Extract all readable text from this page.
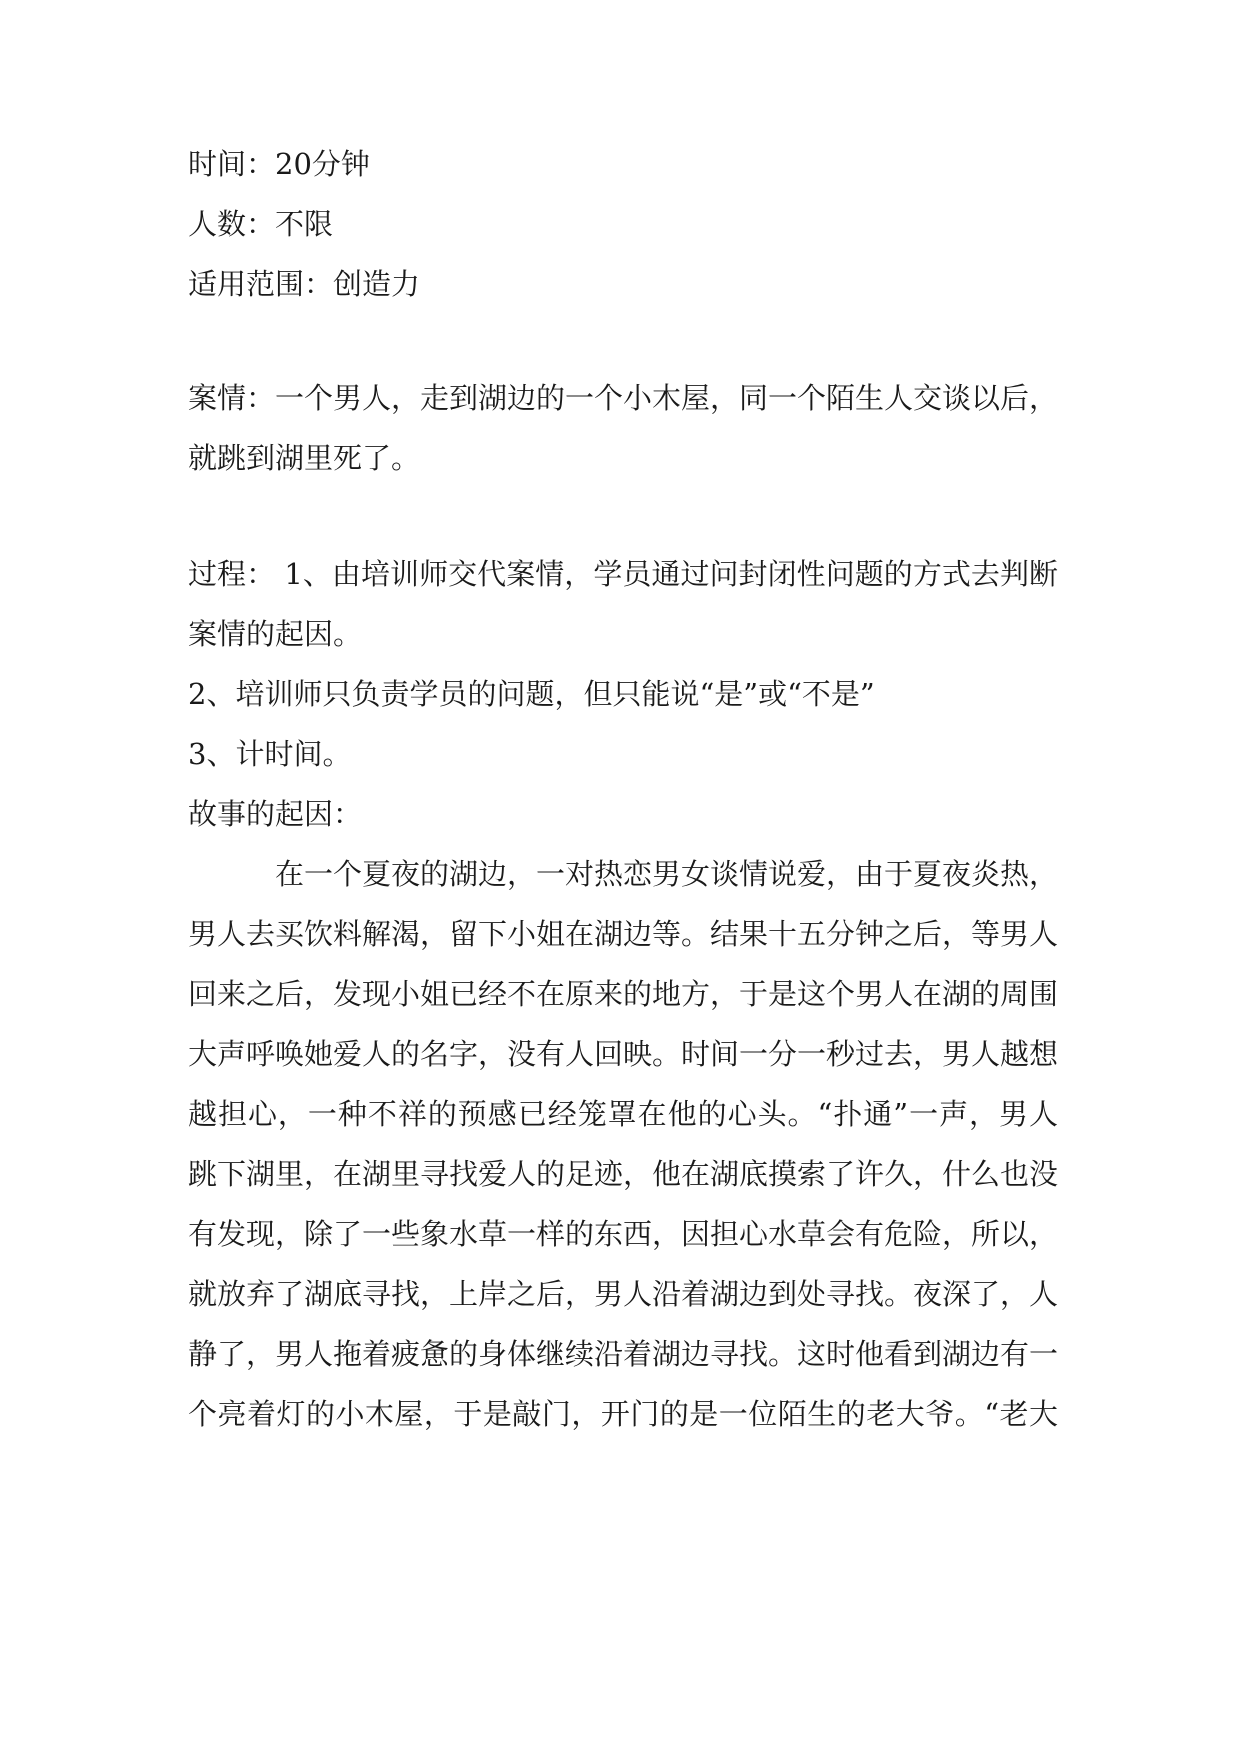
时间：20分钟
人数：不限
适用范围：创造力
案情：一个男人，走到湖边的一个小木屋，同一个陌生人交谈以后，
就跳到湖里死了。
过程： 1、由培训师交代案情，学员通过问封闭性问题的方式去判断
案情的起因。
2、培训师只负责学员的问题，但只能说“是”或“不是”
3、计时间。
故事的起因：
　　　在一个夏夜的湖边，一对热恋男女谈情说爱，由于夏夜炎热，
男人去买饮料解渴，留下小姐在湖边等。结果十五分钟之后，等男人
回来之后，发现小姐已经不在原来的地方，于是这个男人在湖的周围
大声呼唤她爱人的名字，没有人回映。时间一分一秒过去，男人越想
越担心，一种不祥的预感已经笼罩在他的心头。“扑通”一声，男人
跳下湖里，在湖里寻找爱人的足迹，他在湖底摸索了许久，什么也没
有发现，除了一些象水草一样的东西，因担心水草会有危险，所以，
就放弃了湖底寻找，上岸之后，男人沿着湖边到处寻找。夜深了，人
静了，男人拖着疲惫的身体继续沿着湖边寻找。这时他看到湖边有一
个亮着灯的小木屋，于是敲门，开门的是一位陌生的老大爷。“老大
